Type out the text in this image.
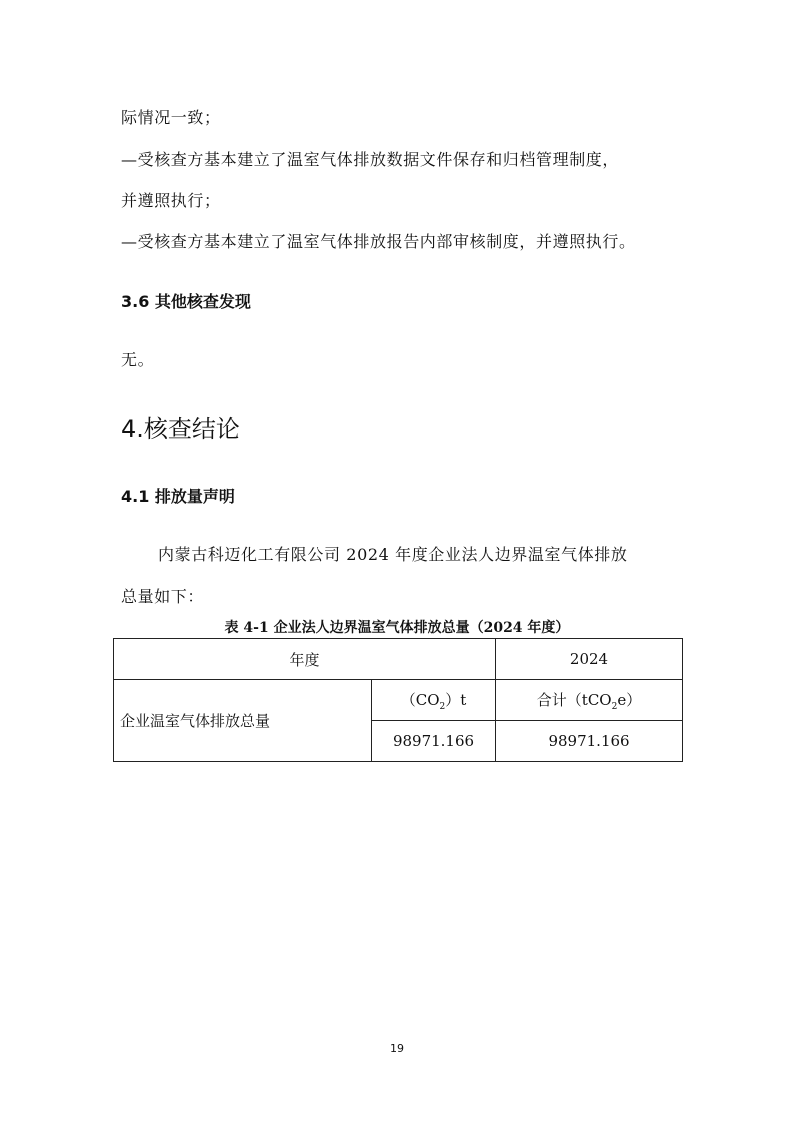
际情况一致；
—受核查方基本建立了温室气体排放数据文件保存和归档管理制度，
并遵照执行；
—受核查方基本建立了温室气体排放报告内部审核制度，并遵照执行。
3.6 其他核查发现
无。
4.核查结论
4.1 排放量声明
内蒙古科迈化工有限公司 2024 年度企业法人边界温室气体排放
总量如下：
表 4-1 企业法人边界温室气体排放总量（2024 年度）
年度		2024
企业温室气体排放总量	$(CO_2)t$	合计（tCO$_2$e）
	98971.166	98971.166
19
